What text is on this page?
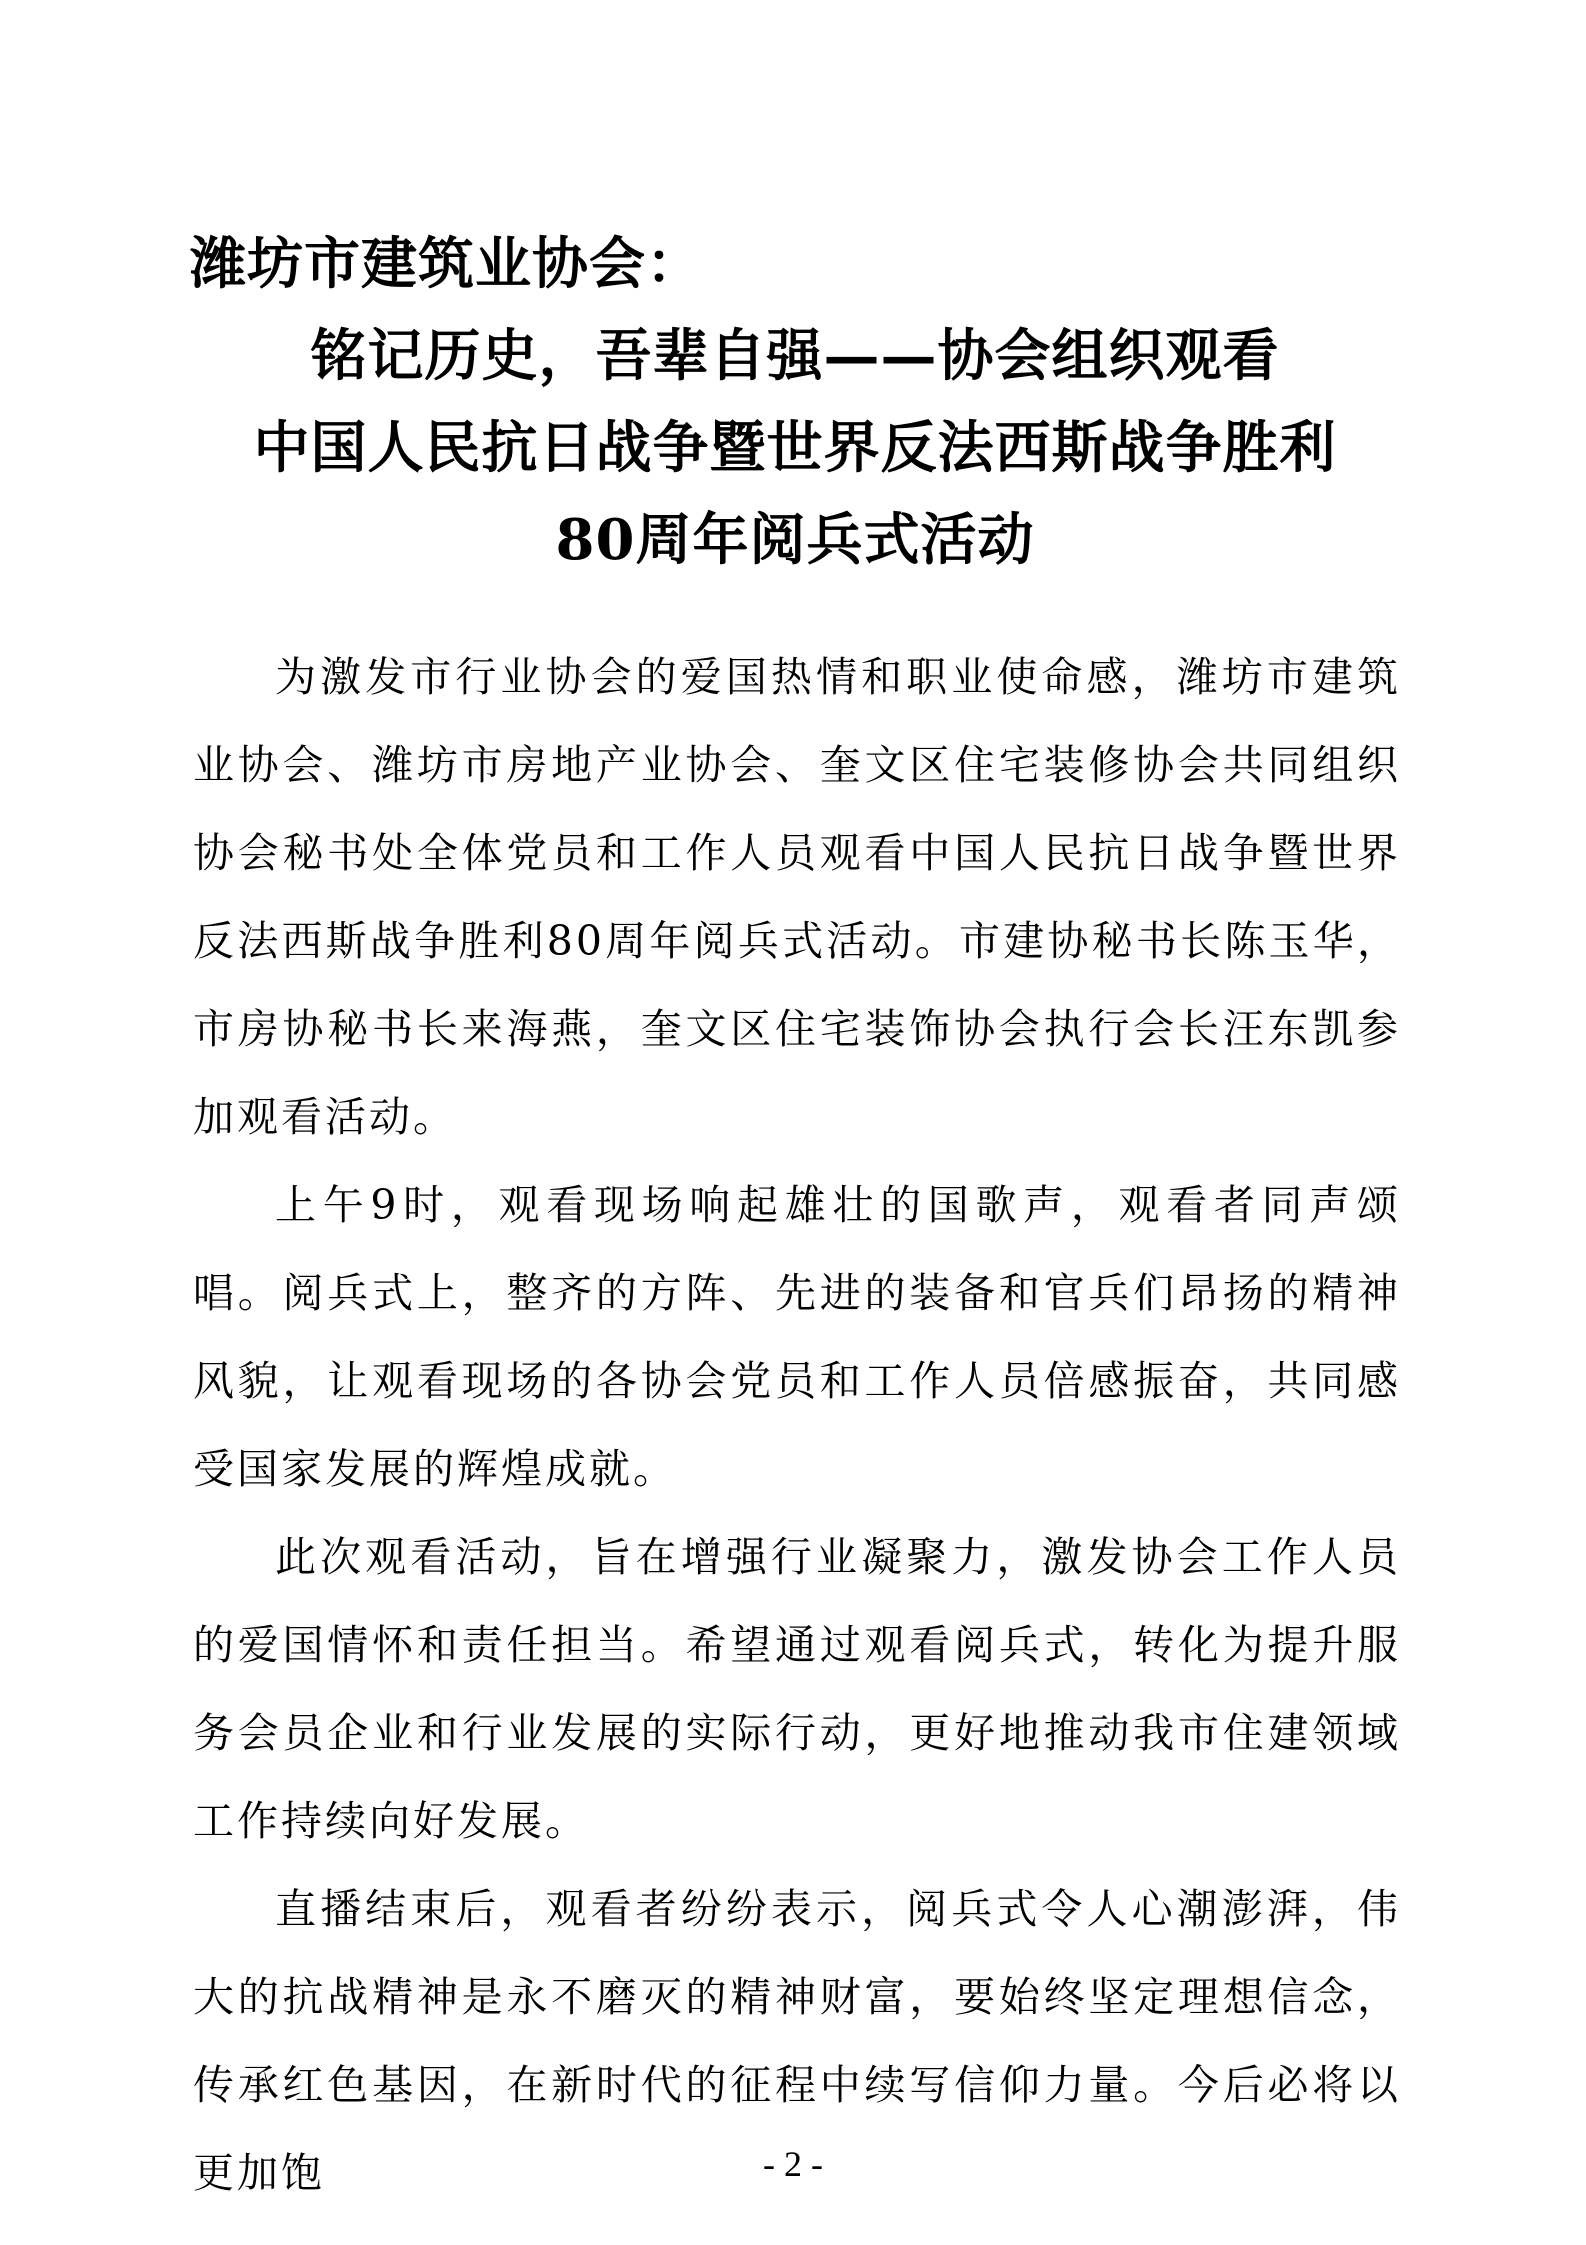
潍坊市建筑业协会：
铭记历史，吾辈自强——协会组织观看
中国人民抗日战争暨世界反法西斯战争胜利
80周年阅兵式活动

为激发市行业协会的爱国热情和职业使命感，潍坊市建筑业协会、潍坊市房地产业协会、奎文区住宅装修协会共同组织协会秘书处全体党员和工作人员观看中国人民抗日战争暨世界反法西斯战争胜利80周年阅兵式活动。市建协秘书长陈玉华，市房协秘书长来海燕，奎文区住宅装饰协会执行会长汪东凯参加观看活动。

上午9时，观看现场响起雄壮的国歌声，观看者同声颂唱。阅兵式上，整齐的方阵、先进的装备和官兵们昂扬的精神风貌，让观看现场的各协会党员和工作人员倍感振奋，共同感受国家发展的辉煌成就。

此次观看活动，旨在增强行业凝聚力，激发协会工作人员的爱国情怀和责任担当。希望通过观看阅兵式，转化为提升服务会员企业和行业发展的实际行动，更好地推动我市住建领域工作持续向好发展。

直播结束后，观看者纷纷表示，阅兵式令人心潮澎湃，伟大的抗战精神是永不磨灭的精神财富，要始终坚定理想信念，传承红色基因，在新时代的征程中续写信仰力量。今后必将以更加饱	- 2 -
